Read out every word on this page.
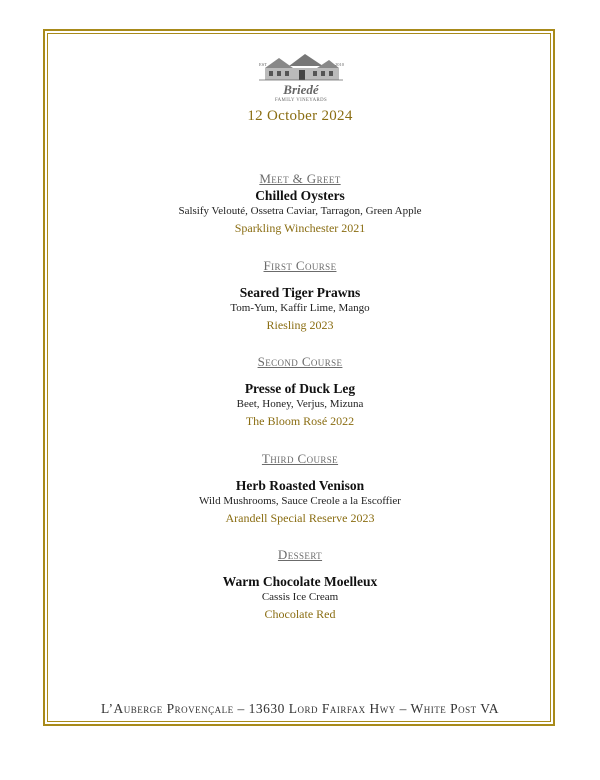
EST	2010
Briedé
FAMILY VINEYARDS
12 October 2024
Meet & Greet
Chilled Oysters
Salsify Velouté, Ossetra Caviar, Tarragon, Green Apple
Sparkling Winchester 2021
First Course
Seared Tiger Prawns
Tom-Yum, Kaffir Lime, Mango
Riesling 2023
Second Course
Presse of Duck Leg
Beet, Honey, Verjus, Mizuna
The Bloom Rosé 2022
Third Course
Herb Roasted Venison
Wild Mushrooms, Sauce Creole a la Escoffier
Arandell Special Reserve 2023
Dessert
Warm Chocolate Moelleux
Cassis Ice Cream
Chocolate Red
L’Auberge Provençale – 13630 Lord Fairfax Hwy – White Post VA
